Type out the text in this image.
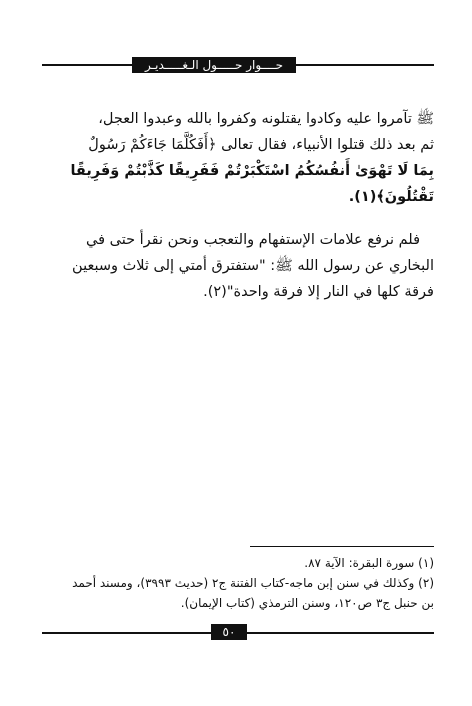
حــــوار حـــــول الـغـــــديـر
ﷺ تآمروا عليه وكادوا يقتلونه وكفروا بالله وعبدوا العجل،
ثم بعد ذلك قتلوا الأنبياء، فقال تعالى ﴿أَفَكُلَّمَا جَاءَكُمْ رَسُولٌ
بِمَا لَا تَهْوَىٰ أَنفُسُكُمُ اسْتَكْبَرْتُمْ فَفَرِيقًا كَذَّبْتُمْ وَفَرِيقًا
تَقْتُلُونَ﴾(١).
فلم نرفع علامات الإستفهام والتعجب ونحن نقرأ حتى في
البخاري عن رسول الله ﷺ: "ستفترق أمتي إلى ثلاث وسبعين
فرقة كلها في النار إلا فرقة واحدة"(٢).
(١) سورة البقرة: الآية ٨٧.
(٢) وكذلك في سنن إبن ماجه-كتاب الفتنة ج٢ (حديث ٣٩٩٣)، ومسند أحمد
بن حنبل ج٣ ص١٢٠، وسنن الترمذي (كتاب الإيمان).
٥٠
